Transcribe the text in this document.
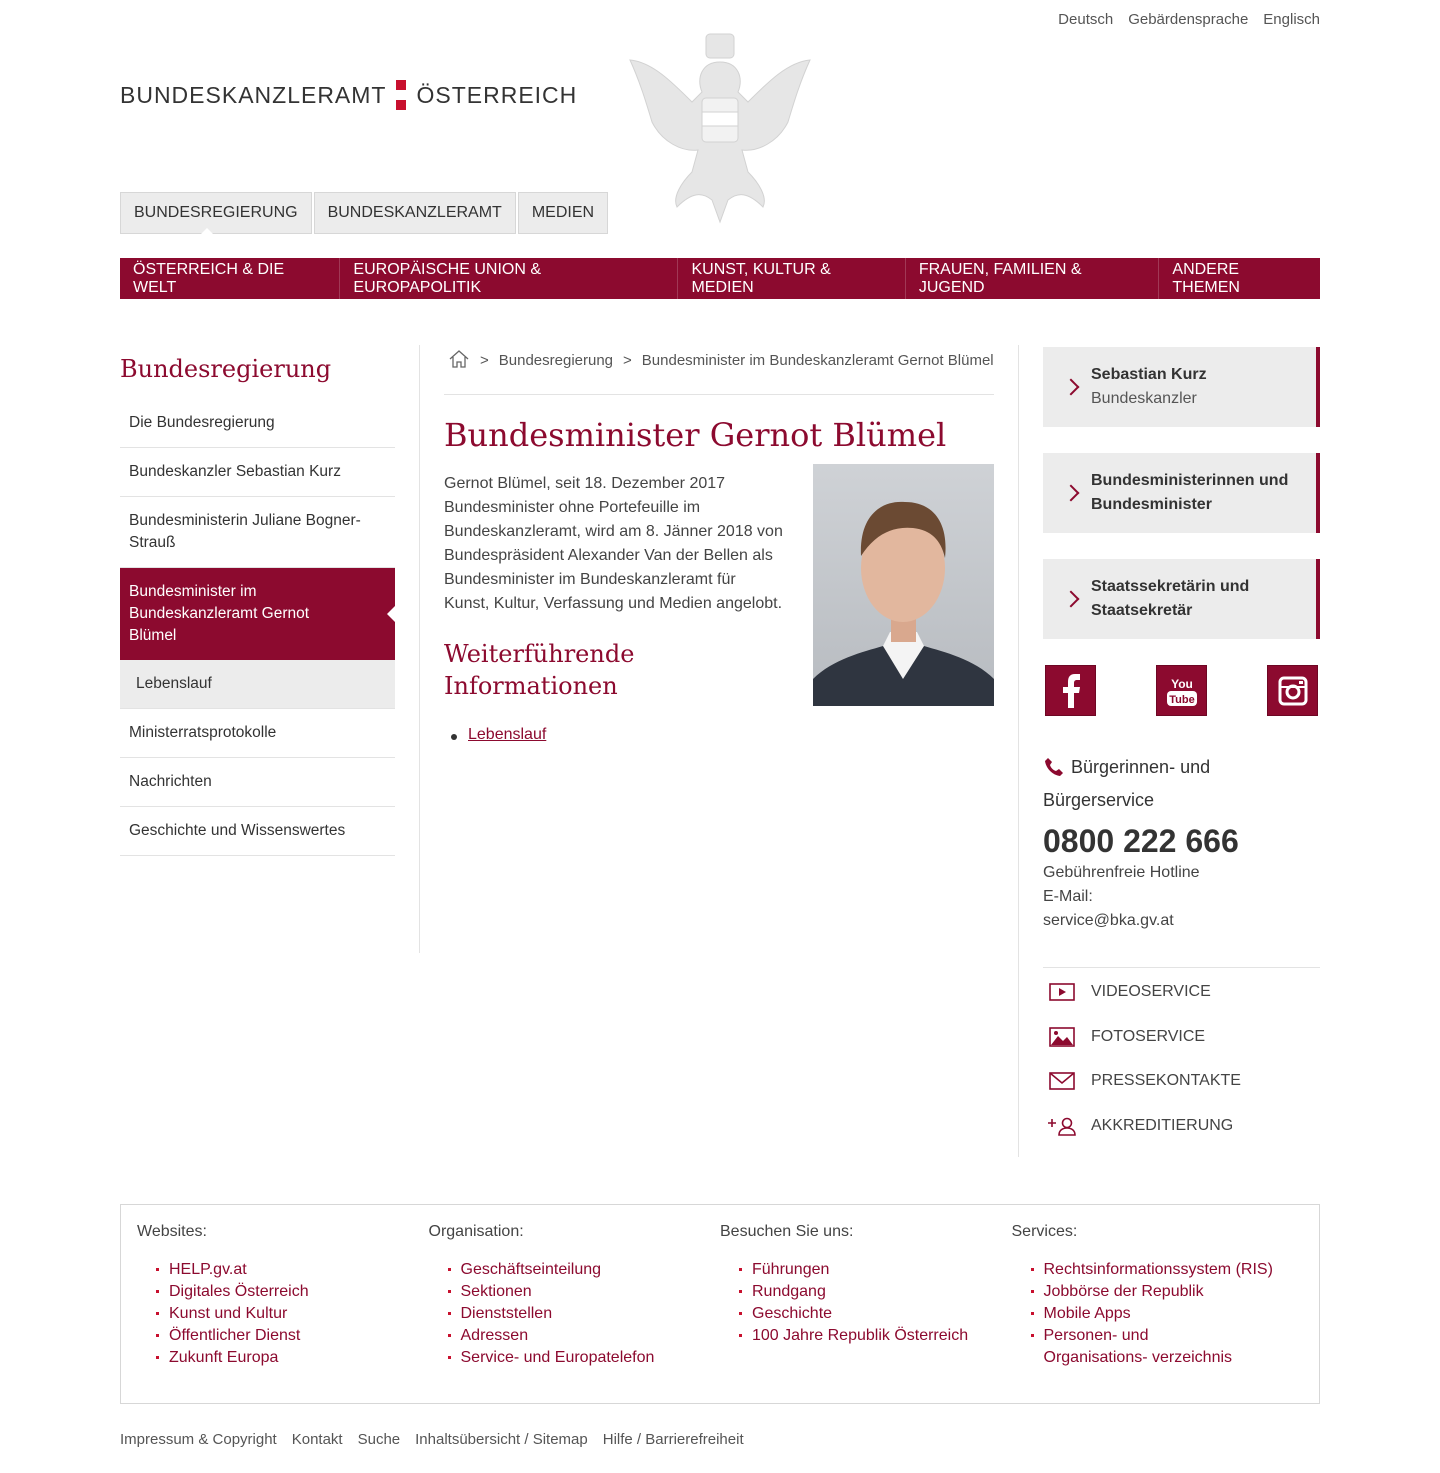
Deutsch Gebärdensprache Englisch
BUNDESKANZLERAMT ÖSTERREICH
BUNDESREGIERUNG	BUNDESKANZLERAMT	MEDIEN
ÖSTERREICH & DIE WELT
EUROPÄISCHE UNION & EUROPAPOLITIK
KUNST, KULTUR & MEDIEN
FRAUEN, FAMILIEN & JUGEND
ANDERE THEMEN
Bundesregierung
Die Bundesregierung
Bundeskanzler Sebastian Kurz
Bundesministerin Juliane Bogner-Strauß
Bundesminister im Bundeskanzleramt Gernot Blümel
Lebenslauf
Ministerratsprotokolle
Nachrichten
Geschichte und Wissenswertes
> Bundesregierung > Bundesminister im Bundeskanzleramt Gernot Blümel
Bundesminister Gernot Blümel

Gernot Blümel, seit 18. Dezember 2017 Bundesminister ohne Portefeuille im Bundeskanzleramt, wird am 8. Jänner 2018 von Bundespräsident Alexander Van der Bellen als Bundesminister im Bundeskanzleramt für Kunst, Kultur, Verfassung und Medien angelobt.

Weiterführende Informationen
Lebenslauf
Sebastian Kurz
Bundeskanzler
Bundesministerinnen und Bundesminister
Staatssekretärin und Staatsekretär
You
Tube
Bürgerinnen- und Bürgerservice
0800 222 666
Gebührenfreie Hotline
E-Mail:
service@bka.gv.at
VIDEOSERVICE
FOTOSERVICE
PRESSEKONTAKTE
AKKREDITIERUNG
Websites:
HELP.gv.at
Digitales Österreich
Kunst und Kultur
Öffentlicher Dienst
Zukunft Europa
Organisation:
Geschäftseinteilung
Sektionen
Dienststellen
Adressen
Service- und Europatelefon
Besuchen Sie uns:
Führungen
Rundgang
Geschichte
100 Jahre Republik Österreich
Services:
Rechtsinformationssystem (RIS)
Jobbörse der Republik
Mobile Apps
Personen- und Organisations- verzeichnis
Impressum & Copyright Kontakt Suche Inhaltsübersicht / Sitemap Hilfe / Barrierefreiheit
